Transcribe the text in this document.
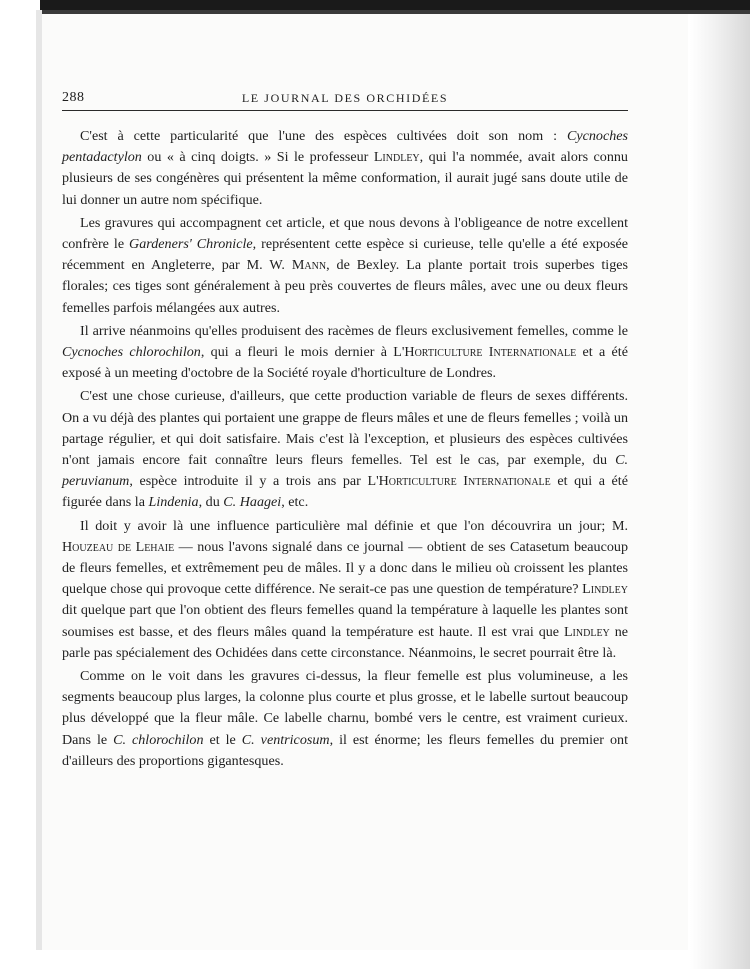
288	LE JOURNAL DES ORCHIDÉES

C'est à cette particularité que l'une des espèces cultivées doit son nom : Cycnoches pentadactylon ou « à cinq doigts. » Si le professeur Lindley, qui l'a nommée, avait alors connu plusieurs de ses congénères qui présentent la même conformation, il aurait jugé sans doute utile de lui donner un autre nom spécifique.

Les gravures qui accompagnent cet article, et que nous devons à l'obligeance de notre excellent confrère le Gardeners' Chronicle, représentent cette espèce si curieuse, telle qu'elle a été exposée récemment en Angleterre, par M. W. Mann, de Bexley. La plante portait trois superbes tiges florales; ces tiges sont généralement à peu près couvertes de fleurs mâles, avec une ou deux fleurs femelles parfois mélangées aux autres.

Il arrive néanmoins qu'elles produisent des racèmes de fleurs exclusivement femelles, comme le Cycnoches chlorochilon, qui a fleuri le mois dernier à L'Horticulture Internationale et a été exposé à un meeting d'octobre de la Société royale d'horticulture de Londres.

C'est une chose curieuse, d'ailleurs, que cette production variable de fleurs de sexes différents. On a vu déjà des plantes qui portaient une grappe de fleurs mâles et une de fleurs femelles ; voilà un partage régulier, et qui doit satisfaire. Mais c'est là l'exception, et plusieurs des espèces cultivées n'ont jamais encore fait connaître leurs fleurs femelles. Tel est le cas, par exemple, du C. peruvianum, espèce introduite il y a trois ans par L'Horticulture Internationale et qui a été figurée dans la Lindenia, du C. Haagei, etc.

Il doit y avoir là une influence particulière mal définie et que l'on découvrira un jour; M. Houzeau de Lehaie — nous l'avons signalé dans ce journal — obtient de ses Catasetum beaucoup de fleurs femelles, et extrêmement peu de mâles. Il y a donc dans le milieu où croissent les plantes quelque chose qui provoque cette différence. Ne serait-ce pas une question de température? Lindley dit quelque part que l'on obtient des fleurs femelles quand la température à laquelle les plantes sont soumises est basse, et des fleurs mâles quand la température est haute. Il est vrai que Lindley ne parle pas spécialement des Ochidées dans cette circonstance. Néanmoins, le secret pourrait être là.

Comme on le voit dans les gravures ci-dessus, la fleur femelle est plus volumineuse, a les segments beaucoup plus larges, la colonne plus courte et plus grosse, et le labelle surtout beaucoup plus développé que la fleur mâle. Ce labelle charnu, bombé vers le centre, est vraiment curieux. Dans le C. chlorochilon et le C. ventricosum, il est énorme; les fleurs femelles du premier ont d'ailleurs des proportions gigantesques.
